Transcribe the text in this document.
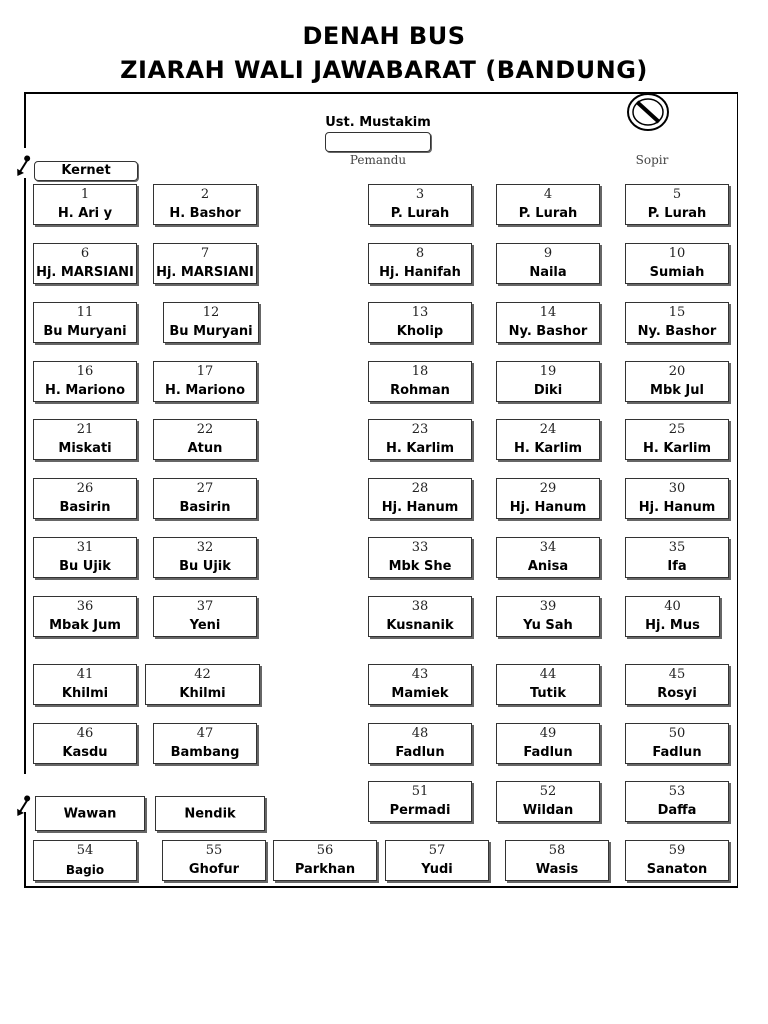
DENAH BUS
ZIARAH WALI JAWABARAT (BANDUNG)
Ust. Mustakim
Pemandu	Sopir
Kernet
1
H. Ari y
2
H. Bashor
3
P. Lurah
4
P. Lurah
5
P. Lurah
6
Hj. MARSIANI
7
Hj. MARSIANI
8
Hj. Hanifah
9
Naila
10
Sumiah
11
Bu Muryani
12
Bu Muryani
13
Kholip
14
Ny. Bashor
15
Ny. Bashor
16
H. Mariono
17
H. Mariono
18
Rohman
19
Diki
20
Mbk Jul
21
Miskati
22
Atun
23
H. Karlim
24
H. Karlim
25
H. Karlim
26
Basirin
27
Basirin
28
Hj. Hanum
29
Hj. Hanum
30
Hj. Hanum
31
Bu Ujik
32
Bu Ujik
33
Mbk She
34
Anisa
35
Ifa
36
Mbak Jum
37
Yeni
38
Kusnanik
39
Yu Sah
40
Hj. Mus
41
Khilmi
42
Khilmi
43
Mamiek
44
Tutik
45
Rosyi
46
Kasdu
47
Bambang
48
Fadlun
49
Fadlun
50
Fadlun
51
Permadi
52
Wildan
53
Daffa
Wawan	Nendik
54
Bagio
55
Ghofur
56
Parkhan
57
Yudi
58
Wasis
59
Sanaton
